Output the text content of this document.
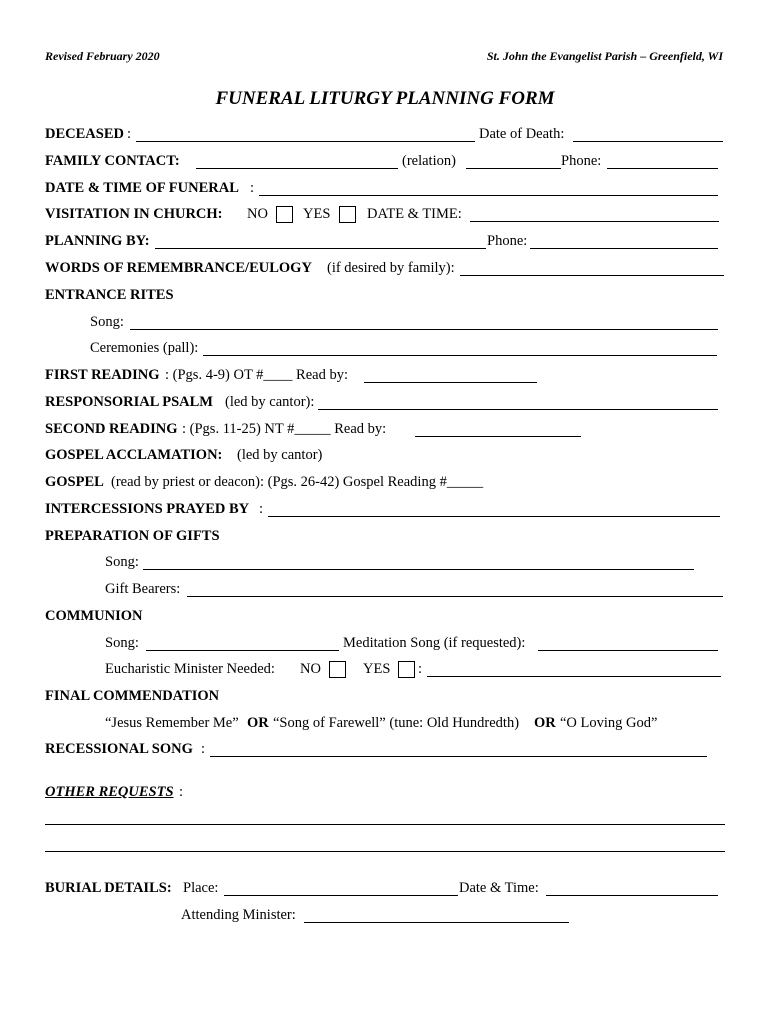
Revised February 2020	St. John the Evangelist Parish – Greenfield, WI
FUNERAL LITURGY PLANNING FORM
DECEASED :	Date of Death:
FAMILY CONTACT:	(relation)	Phone:
DATE & TIME OF FUNERAL :
VISITATION IN CHURCH: NO YES	DATE & TIME:
PLANNING BY:	Phone:
WORDS OF REMEMBRANCE/EULOGY (if desired by family):
ENTRANCE RITES
Song:
Ceremonies (pall):
FIRST READING : (Pgs. 4-9) OT #____ Read by:
RESPONSORIAL PSALM (led by cantor):
SECOND READING : (Pgs. 11-25) NT #_____ Read by:
GOSPEL ACCLAMATION: (led by cantor)
GOSPEL (read by priest or deacon): (Pgs. 26-42) Gospel Reading #_____
INTERCESSIONS PRAYED BY :
PREPARATION OF GIFTS
Song:
Gift Bearers:
COMMUNION
Song:	Meditation Song (if requested):
Eucharistic Minister Needed: NO	YES :
FINAL COMMENDATION
“Jesus Remember Me” OR “Song of Farewell” (tune: Old Hundredth) OR “O Loving God”
RECESSIONAL SONG :
OTHER REQUESTS :
BURIAL DETAILS: Place:	Date & Time:
Attending Minister:
